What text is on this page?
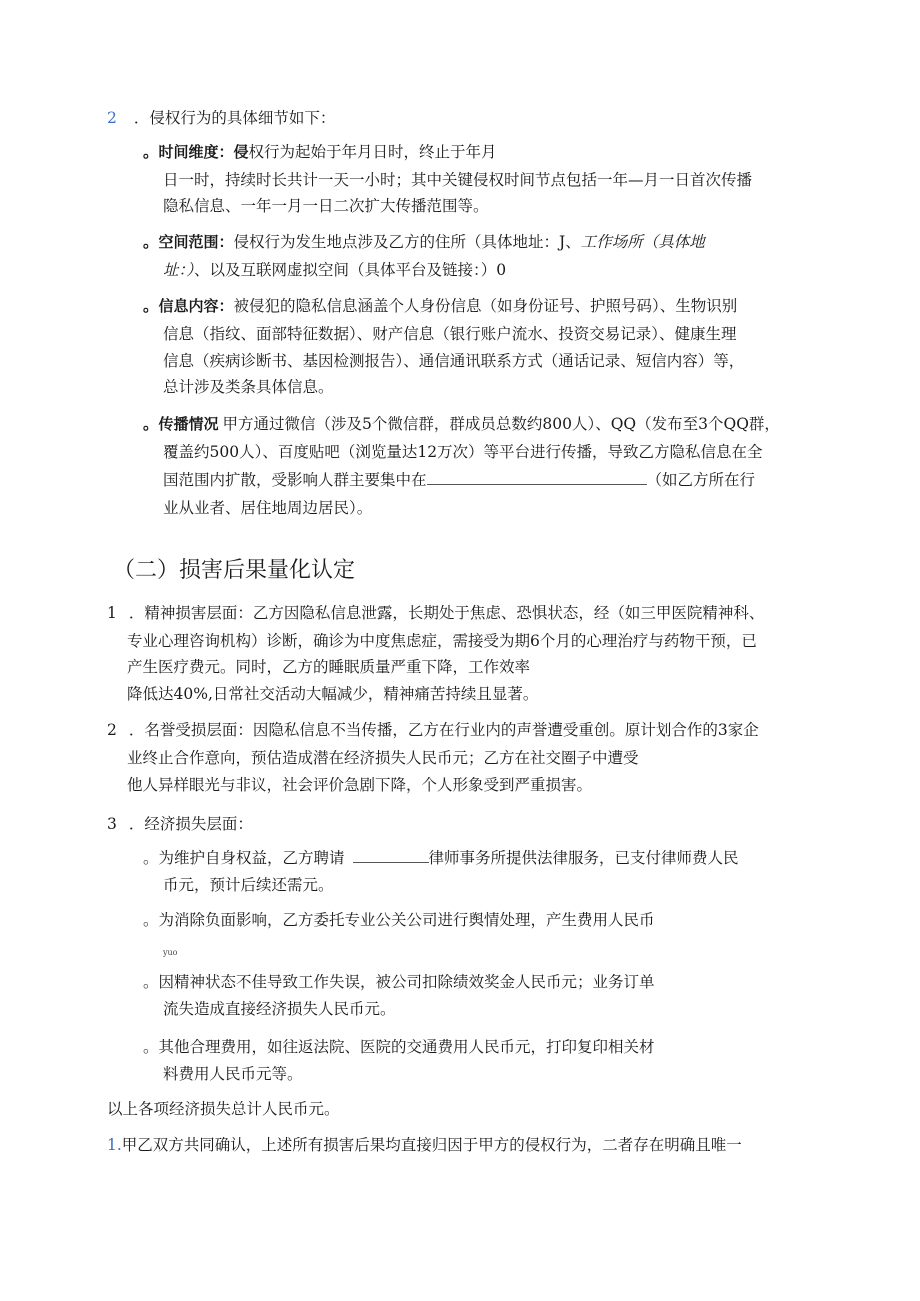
2 ．侵权行为的具体细节如下：
。时间维度：侵权行为起始于年月日时，终止于年月
日一时，持续时长共计一天一小时；其中关键侵权时间节点包括一年—月一日首次传播
隐私信息、一年一月一日二次扩大传播范围等。
。空间范围：侵权行为发生地点涉及乙方的住所（具体地址：J、工作场所（具体地
址：）、以及互联网虚拟空间（具体平台及链接：）0
。信息内容：被侵犯的隐私信息涵盖个人身份信息（如身份证号、护照号码）、生物识别
信息（指纹、面部特征数据）、财产信息（银行账户流水、投资交易记录）、健康生理
信息（疾病诊断书、基因检测报告）、通信通讯联系方式（通话记录、短信内容）等，
总计涉及类条具体信息。
。传播情况 甲方通过微信（涉及5个微信群，群成员总数约800人）、QQ（发布至3个QQ群，
覆盖约500人）、百度贴吧（浏览量达12万次）等平台进行传播，导致乙方隐私信息在全
国范围内扩散，受影响人群主要集中在	（如乙方所在行
业从业者、居住地周边居民）。
（二）损害后果量化认定
1 ．精神损害层面：乙方因隐私信息泄露，长期处于焦虑、恐惧状态，经（如三甲医院精神科、
专业心理咨询机构）诊断，确诊为中度焦虑症，需接受为期6个月的心理治疗与药物干预，已
产生医疗费元。同时，乙方的睡眠质量严重下降，工作效率
降低达40%,日常社交活动大幅减少，精神痛苦持续且显著。
2 ．名誉受损层面：因隐私信息不当传播，乙方在行业内的声誉遭受重创。原计划合作的3家企
业终止合作意向，预估造成潜在经济损失人民币元；乙方在社交圈子中遭受
他人异样眼光与非议，社会评价急剧下降，个人形象受到严重损害。
3 ．经济损失层面：
。为维护自身权益，乙方聘请	律师事务所提供法律服务，已支付律师费人民
币元，预计后续还需元。
。为消除负面影响，乙方委托专业公关公司进行舆情处理，产生费用人民币
yuo
。因精神状态不佳导致工作失误，被公司扣除绩效奖金人民币元；业务订单
流失造成直接经济损失人民币元。
。其他合理费用，如往返法院、医院的交通费用人民币元，打印复印相关材
料费用人民币元等。
以上各项经济损失总计人民币元。
1.甲乙双方共同确认，上述所有损害后果均直接归因于甲方的侵权行为，二者存在明确且唯一
